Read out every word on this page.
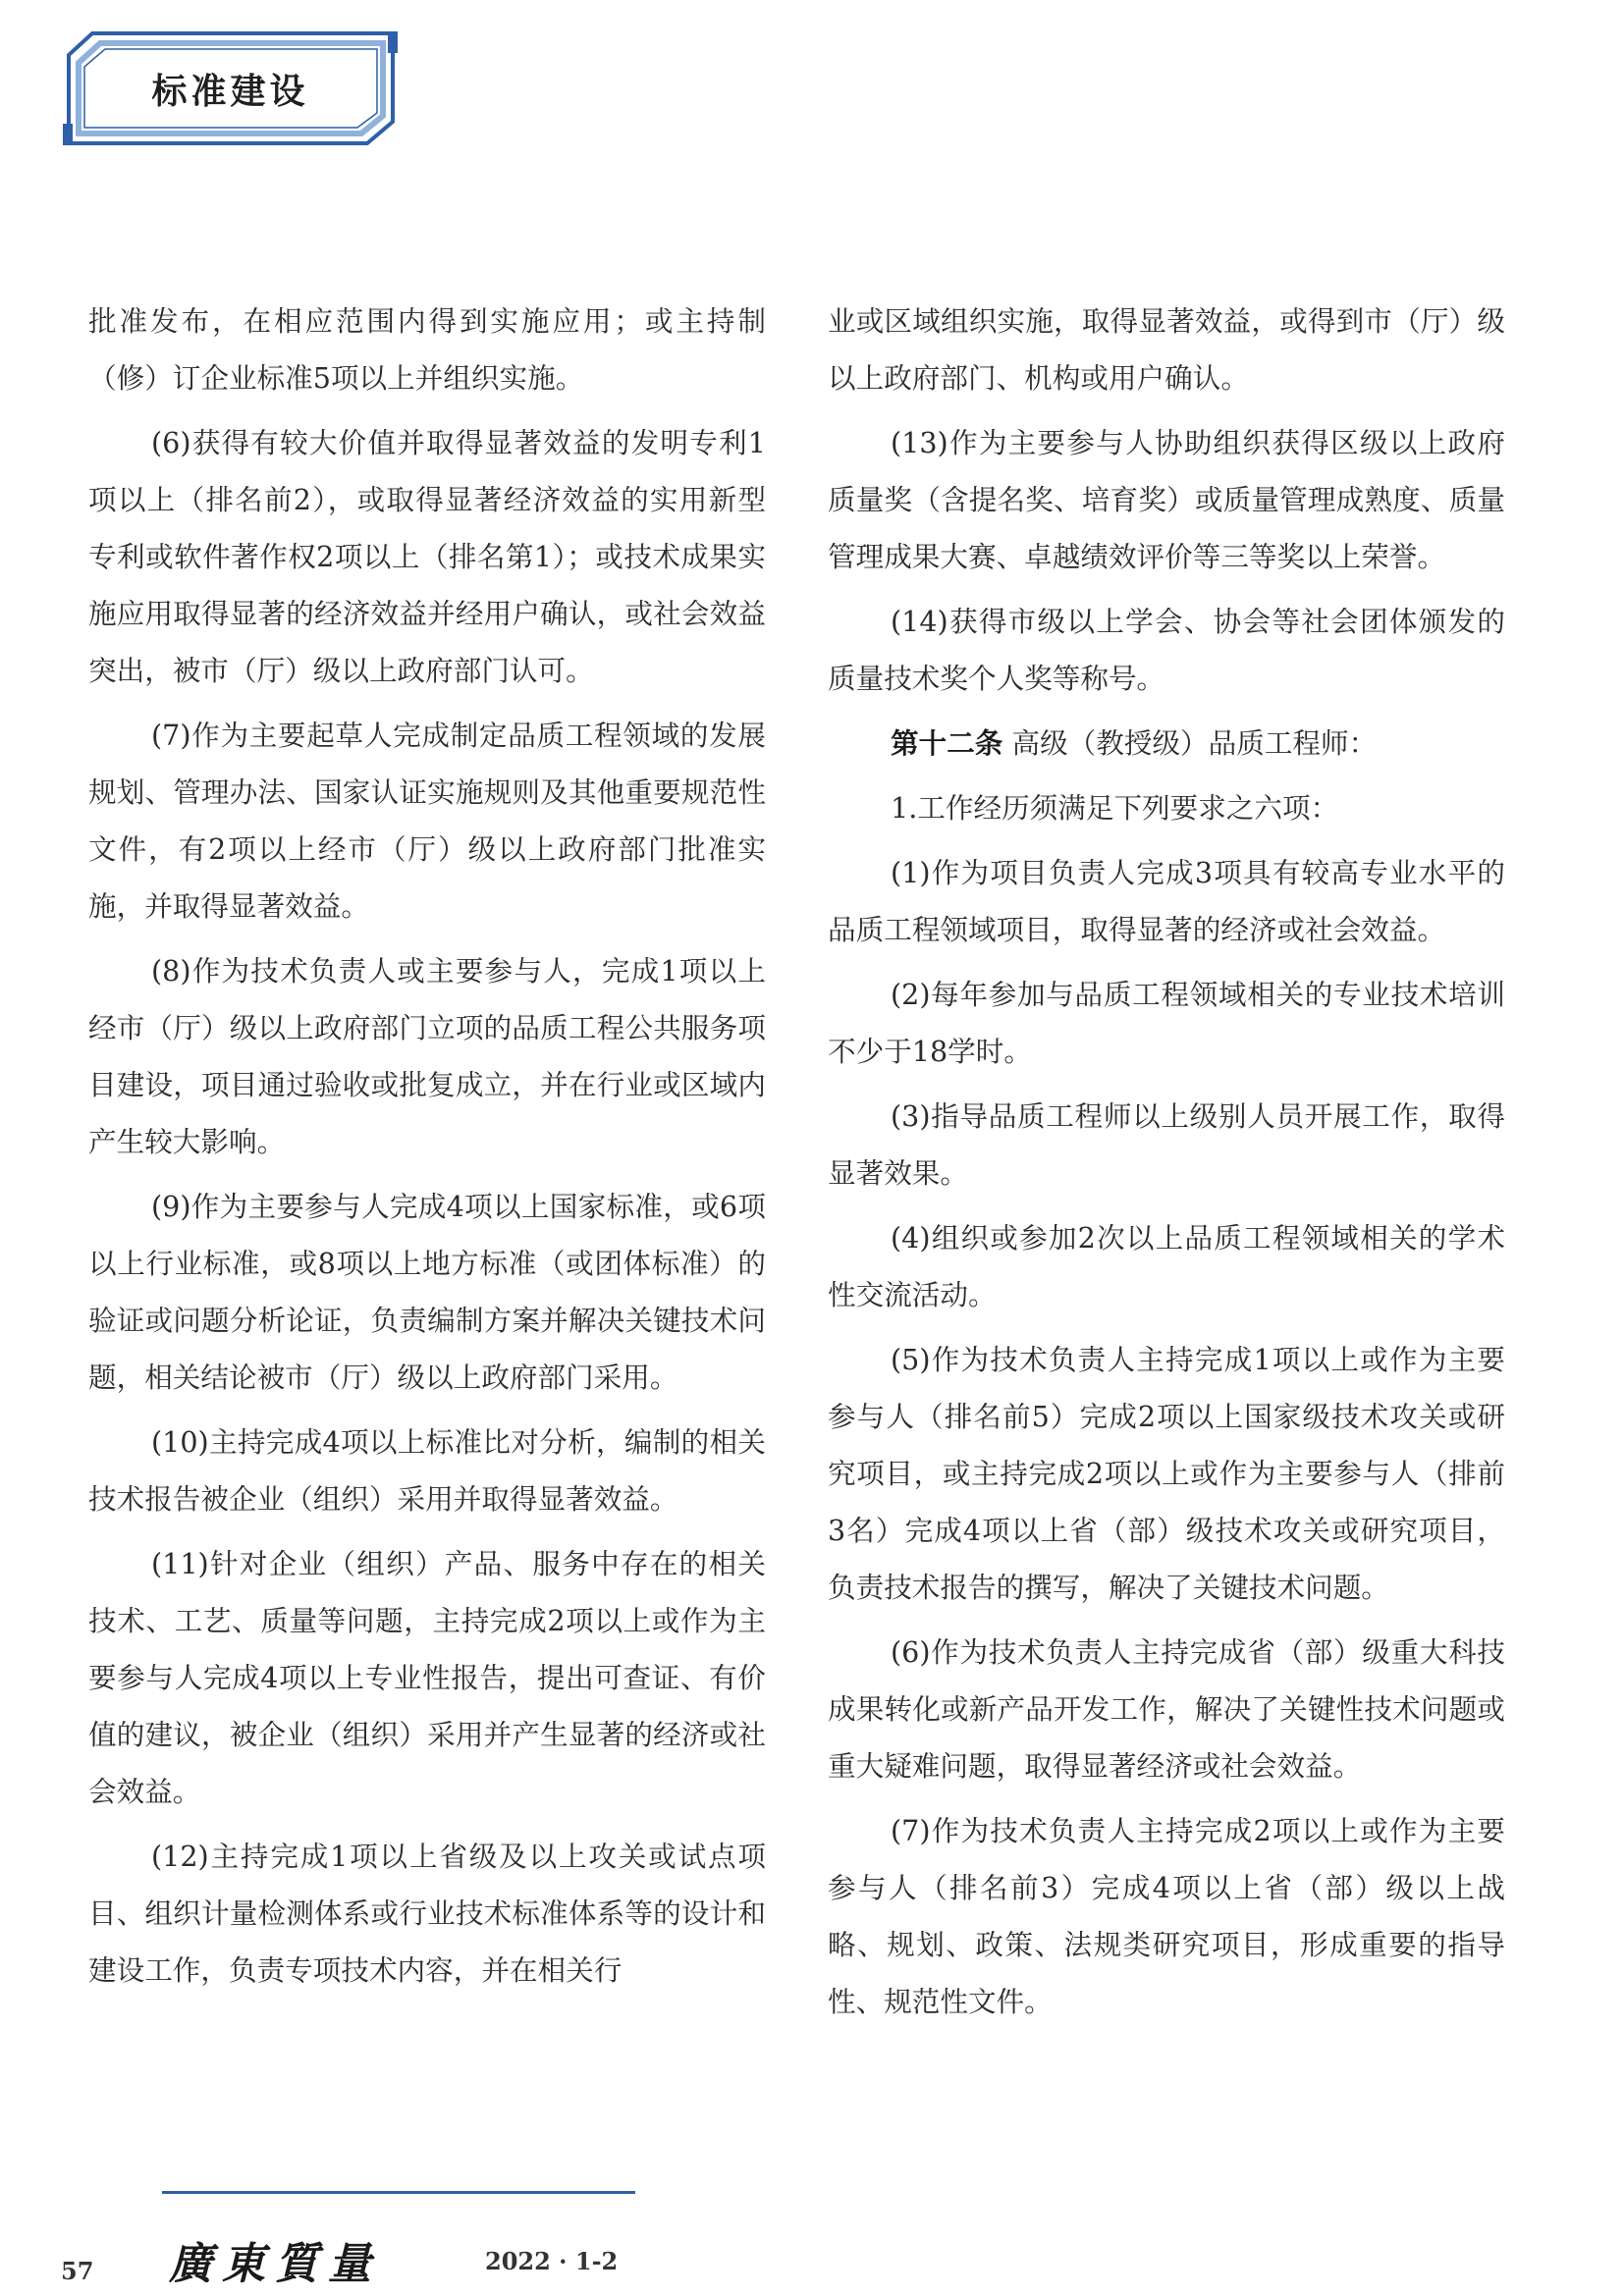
标准建设

批准发布，在相应范围内得到实施应用；或主持制（修）订企业标准5项以上并组织实施。

(6)获得有较大价值并取得显著效益的发明专利1项以上（排名前2），或取得显著经济效益的实用新型专利或软件著作权2项以上（排名第1）；或技术成果实施应用取得显著的经济效益并经用户确认，或社会效益突出，被市（厅）级以上政府部门认可。

(7)作为主要起草人完成制定品质工程领域的发展规划、管理办法、国家认证实施规则及其他重要规范性文件，有2项以上经市（厅）级以上政府部门批准实施，并取得显著效益。

(8)作为技术负责人或主要参与人，完成1项以上经市（厅）级以上政府部门立项的品质工程公共服务项目建设，项目通过验收或批复成立，并在行业或区域内产生较大影响。

(9)作为主要参与人完成4项以上国家标准，或6项以上行业标准，或8项以上地方标准（或团体标准）的验证或问题分析论证，负责编制方案并解决关键技术问题，相关结论被市（厅）级以上政府部门采用。

(10)主持完成4项以上标准比对分析，编制的相关技术报告被企业（组织）采用并取得显著效益。

(11)针对企业（组织）产品、服务中存在的相关技术、工艺、质量等问题，主持完成2项以上或作为主要参与人完成4项以上专业性报告，提出可查证、有价值的建议，被企业（组织）采用并产生显著的经济或社会效益。

(12)主持完成1项以上省级及以上攻关或试点项目、组织计量检测体系或行业技术标准体系等的设计和建设工作，负责专项技术内容，并在相关行

业或区域组织实施，取得显著效益，或得到市（厅）级以上政府部门、机构或用户确认。

(13)作为主要参与人协助组织获得区级以上政府质量奖（含提名奖、培育奖）或质量管理成熟度、质量管理成果大赛、卓越绩效评价等三等奖以上荣誉。

(14)获得市级以上学会、协会等社会团体颁发的质量技术奖个人奖等称号。

第十二条 高级（教授级）品质工程师：

1.工作经历须满足下列要求之六项：

(1)作为项目负责人完成3项具有较高专业水平的品质工程领域项目，取得显著的经济或社会效益。

(2)每年参加与品质工程领域相关的专业技术培训不少于18学时。

(3)指导品质工程师以上级别人员开展工作，取得显著效果。

(4)组织或参加2次以上品质工程领域相关的学术性交流活动。

(5)作为技术负责人主持完成1项以上或作为主要参与人（排名前5）完成2项以上国家级技术攻关或研究项目，或主持完成2项以上或作为主要参与人（排前3名）完成4项以上省（部）级技术攻关或研究项目，负责技术报告的撰写，解决了关键技术问题。

(6)作为技术负责人主持完成省（部）级重大科技成果转化或新产品开发工作，解决了关键性技术问题或重大疑难问题，取得显著经济或社会效益。

(7)作为技术负责人主持完成2项以上或作为主要参与人（排名前3）完成4项以上省（部）级以上战略、规划、政策、法规类研究项目，形成重要的指导性、规范性文件。

57 廣東質量	2022 · 1-2
